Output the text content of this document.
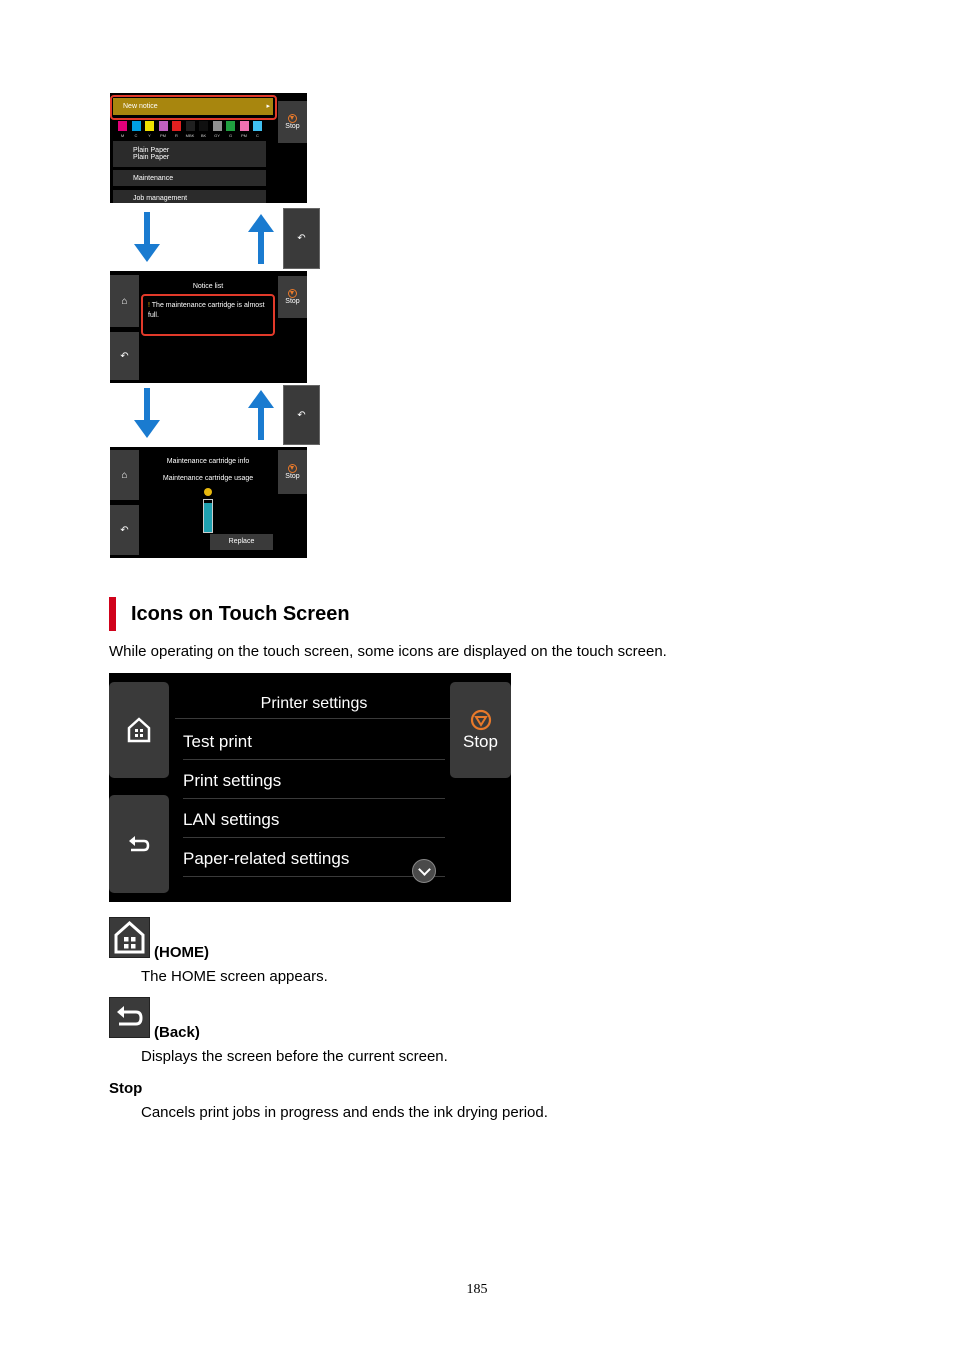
New notice	▸
Plain Paper
Plain Paper
Maintenance
Job management
Stop
M	C	Y	PM	R	MBK	BK	GY	G	PM	C
↶
⌂
↶
Notice list
! The maintenance cartridge is almost full.
Stop
↶
⌂
↶
Maintenance cartridge info
Maintenance cartridge usage
Replace
Stop
Icons on Touch Screen
While operating on the touch screen, some icons are displayed on the touch screen.
Printer settings
Test print
Print settings
LAN settings
Paper-related settings
Stop
(HOME)
The HOME screen appears.
(Back)
Displays the screen before the current screen.
Stop
Cancels print jobs in progress and ends the ink drying period.
185
